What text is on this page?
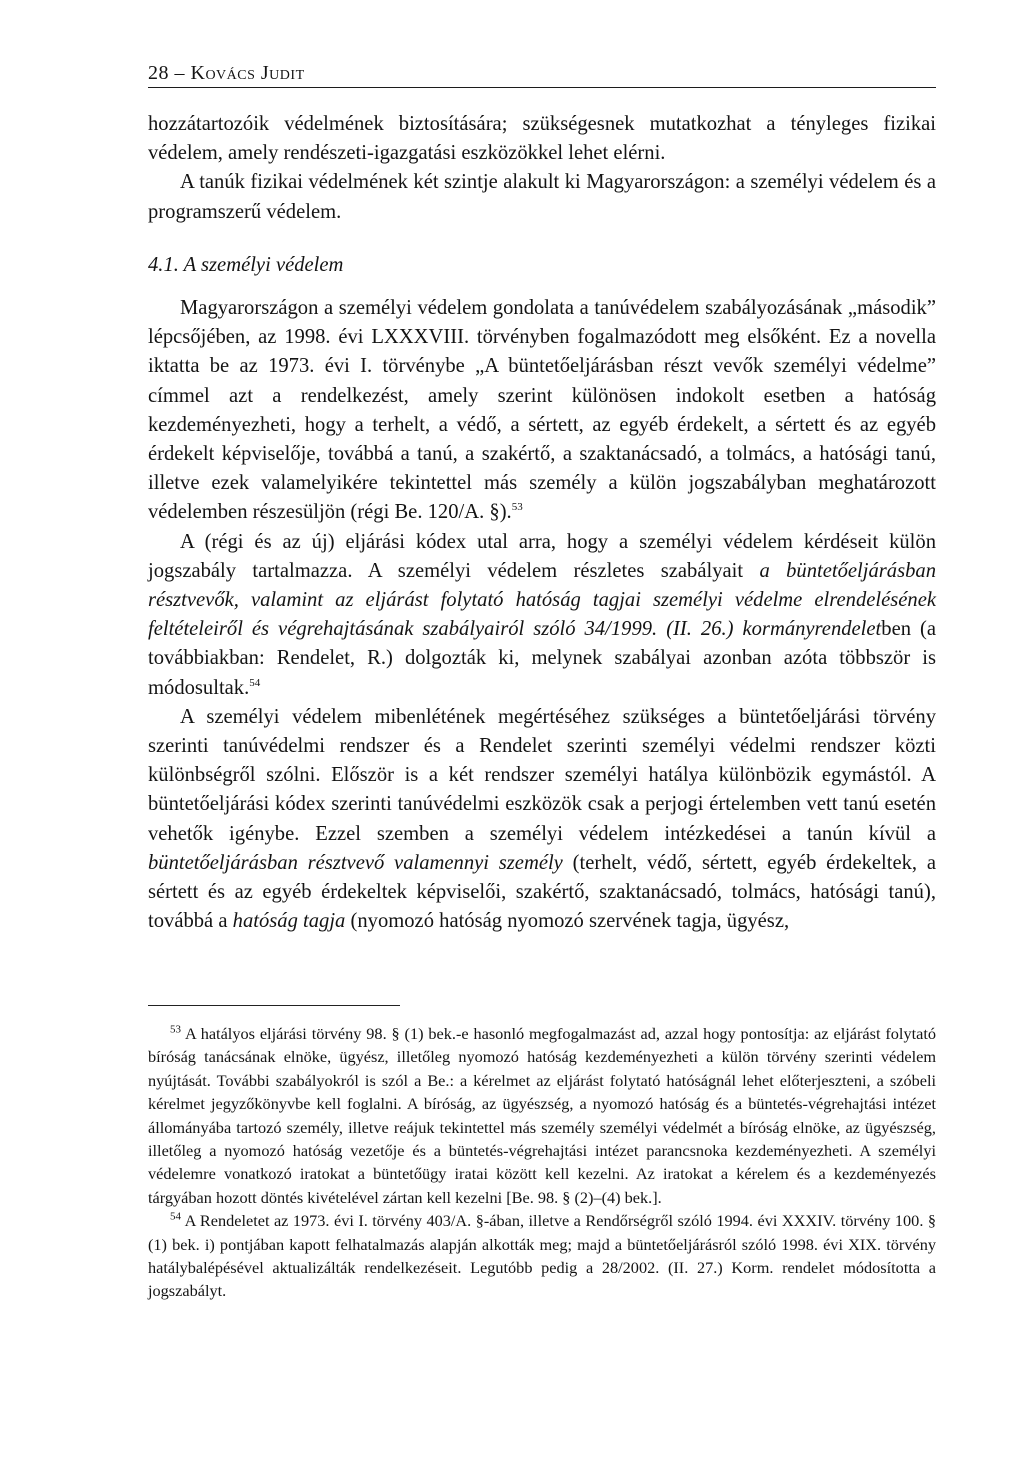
28 – Kovács Judit

hozzátartozóik védelmének biztosítására; szükségesnek mutatkozhat a tényleges fizikai védelem, amely rendészeti-igazgatási eszközökkel lehet elérni.

A tanúk fizikai védelmének két szintje alakult ki Magyarországon: a személyi védelem és a programszerű védelem.

4.1. A személyi védelem

Magyarországon a személyi védelem gondolata a tanúvédelem szabályozásának „második” lépcsőjében, az 1998. évi LXXXVIII. törvényben fogalmazódott meg elsőként. Ez a novella iktatta be az 1973. évi I. törvénybe „A büntetőeljárásban részt vevők személyi védelme” címmel azt a rendelkezést, amely szerint különösen indokolt esetben a hatóság kezdeményezheti, hogy a terhelt, a védő, a sértett, az egyéb érdekelt, a sértett és az egyéb érdekelt képviselője, továbbá a tanú, a szakértő, a szaktanácsadó, a tolmács, a hatósági tanú, illetve ezek valamelyikére tekintettel más személy a külön jogszabályban meghatározott védelemben részesüljön (régi Be. 120/A. §).$^{53}$

A (régi és az új) eljárási kódex utal arra, hogy a személyi védelem kérdéseit külön jogszabály tartalmazza. A személyi védelem részletes szabályait a büntetőeljárásban résztvevők, valamint az eljárást folytató hatóság tagjai személyi védelme elrendelésének feltételeiről és végrehajtásának szabályairól szóló 34/1999. (II. 26.) kormányrendeletben (a továbbiakban: Rendelet, R.) dolgozták ki, melynek szabályai azonban azóta többször is módosultak.$^{54}$

A személyi védelem mibenlétének megértéséhez szükséges a büntetőeljárási törvény szerinti tanúvédelmi rendszer és a Rendelet szerinti személyi védelmi rendszer közti különbségről szólni. Először is a két rendszer személyi hatálya különbözik egymástól. A büntetőeljárási kódex szerinti tanúvédelmi eszközök csak a perjogi értelemben vett tanú esetén vehetők igénybe. Ezzel szemben a személyi védelem intézkedései a tanún kívül a büntetőeljárásban résztvevő valamennyi személy (terhelt, védő, sértett, egyéb érdekeltek, a sértett és az egyéb érdekeltek képviselői, szakértő, szaktanácsadó, tolmács, hatósági tanú), továbbá a hatóság tagja (nyomozó hatóság nyomozó szervének tagja, ügyész,

$^{53}$ A hatályos eljárási törvény 98. § (1) bek.-e hasonló megfogalmazást ad, azzal hogy pontosítja: az eljárást folytató bíróság tanácsának elnöke, ügyész, illetőleg nyomozó hatóság kezdeményezheti a külön törvény szerinti védelem nyújtását. További szabályokról is szól a Be.: a kérelmet az eljárást folytató hatóságnál lehet előterjeszteni, a szóbeli kérelmet jegyzőkönyvbe kell foglalni. A bíróság, az ügyészség, a nyomozó hatóság és a büntetés-végrehajtási intézet állományába tartozó személy, illetve reájuk tekintettel más személy személyi védelmét a bíróság elnöke, az ügyészség, illetőleg a nyomozó hatóság vezetője és a büntetés-végrehajtási intézet parancsnoka kezdeményezheti. A személyi védelemre vonatkozó iratokat a büntetőügy iratai között kell kezelni. Az iratokat a kérelem és a kezdeményezés tárgyában hozott döntés kivételével zártan kell kezelni [Be. 98. § (2)–(4) bek.].

$^{54}$ A Rendeletet az 1973. évi I. törvény 403/A. §-ában, illetve a Rendőrségről szóló 1994. évi XXXIV. törvény 100. § (1) bek. i) pontjában kapott felhatalmazás alapján alkották meg; majd a büntetőeljárásról szóló 1998. évi XIX. törvény hatálybalépésével aktualizálták rendelkezéseit. Legutóbb pedig a 28/2002. (II. 27.) Korm. rendelet módosította a jogszabályt.
